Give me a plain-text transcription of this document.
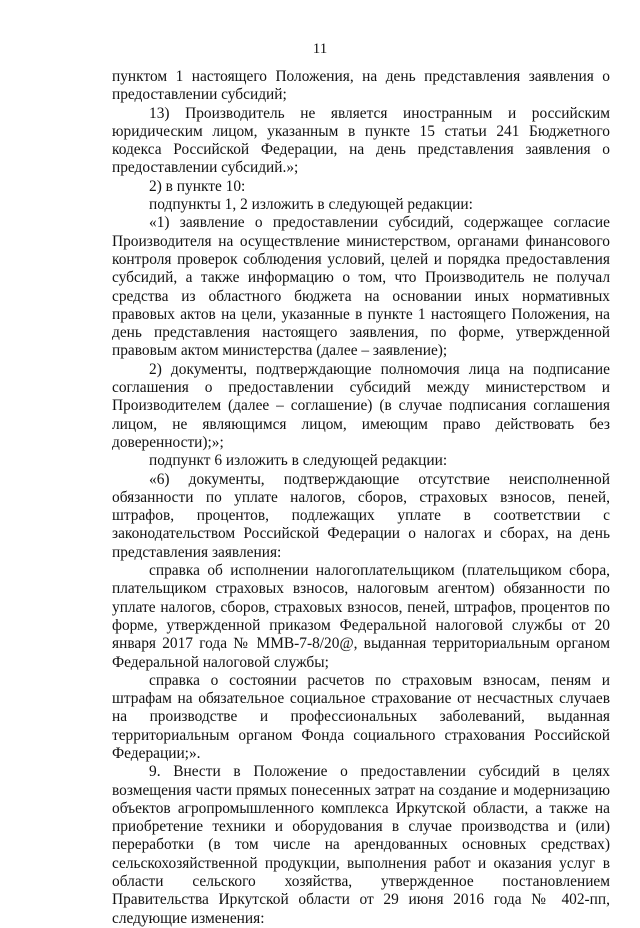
11

пунктом 1 настоящего Положения, на день представления заявления о предоставлении субсидий;

13) Производитель не является иностранным и российским юридическим лицом, указанным в пункте 15 статьи 241 Бюджетного кодекса Российской Федерации, на день представления заявления о предоставлении субсидий.»;

2) в пункте 10:

подпункты 1, 2 изложить в следующей редакции:

«1) заявление о предоставлении субсидий, содержащее согласие Производителя на осуществление министерством, органами финансового контроля проверок соблюдения условий, целей и порядка предоставления субсидий, а также информацию о том, что Производитель не получал средства из областного бюджета на основании иных нормативных правовых актов на цели, указанные в пункте 1 настоящего Положения, на день представления настоящего заявления, по форме, утвержденной правовым актом министерства (далее – заявление);

2) документы, подтверждающие полномочия лица на подписание соглашения о предоставлении субсидий между министерством и Производителем (далее – соглашение) (в случае подписания соглашения лицом, не являющимся лицом, имеющим право действовать без доверенности);»;

подпункт 6 изложить в следующей редакции:

«6) документы, подтверждающие отсутствие неисполненной обязанности по уплате налогов, сборов, страховых взносов, пеней, штрафов, процентов, подлежащих уплате в соответствии с законодательством Российской Федерации о налогах и сборах, на день представления заявления:

справка об исполнении налогоплательщиком (плательщиком сбора, плательщиком страховых взносов, налоговым агентом) обязанности по уплате налогов, сборов, страховых взносов, пеней, штрафов, процентов по форме, утвержденной приказом Федеральной налоговой службы от 20 января 2017 года № ММВ-7-8/20@, выданная территориальным органом Федеральной налоговой службы;

справка о состоянии расчетов по страховым взносам, пеням и штрафам на обязательное социальное страхование от несчастных случаев на производстве и профессиональных заболеваний, выданная территориальным органом Фонда социального страхования Российской Федерации;».

9. Внести в Положение о предоставлении субсидий в целях возмещения части прямых понесенных затрат на создание и модернизацию объектов агропромышленного комплекса Иркутской области, а также на приобретение техники и оборудования в случае производства и (или) переработки (в том числе на арендованных основных средствах) сельскохозяйственной продукции, выполнения работ и оказания услуг в области сельского хозяйства, утвержденное постановлением Правительства Иркутской области от 29 июня 2016 года № 402-пп, следующие изменения:
